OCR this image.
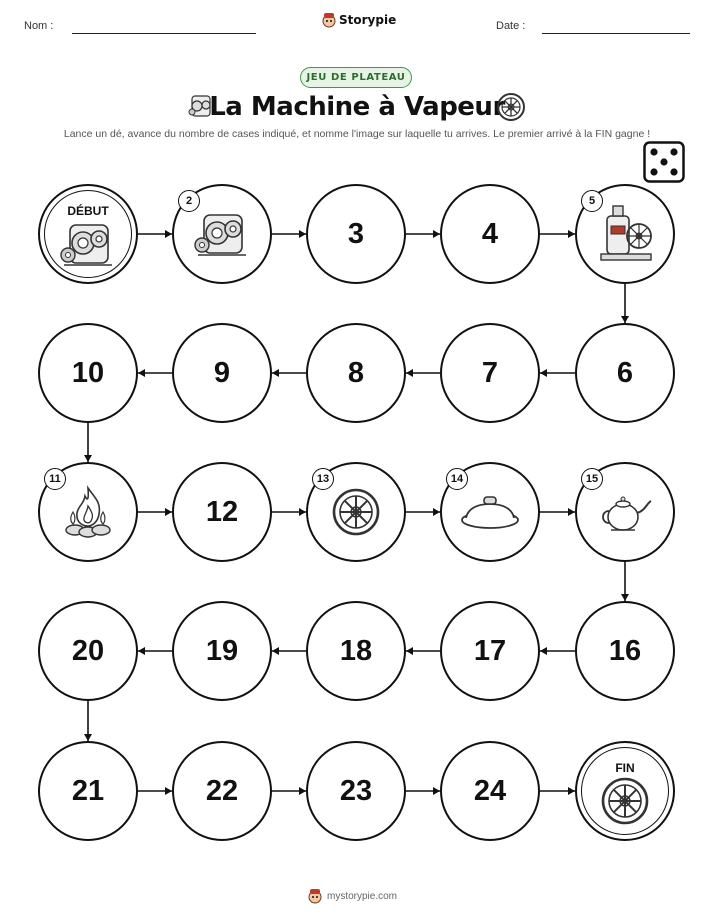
Nom :	Storypie	Date :
JEU DE PLATEAU
La Machine à Vapeur
Lance un dé, avance du nombre de cases indiqué, et nomme l'image sur laquelle tu arrives. Le premier arrivé à la FIN gagne !
DÉBUT
2
3	4
5
6
7
8
9
10
11
12
13	14	15
16
17
18
19
20
21	22	23	24
FIN
mystorypie.com
